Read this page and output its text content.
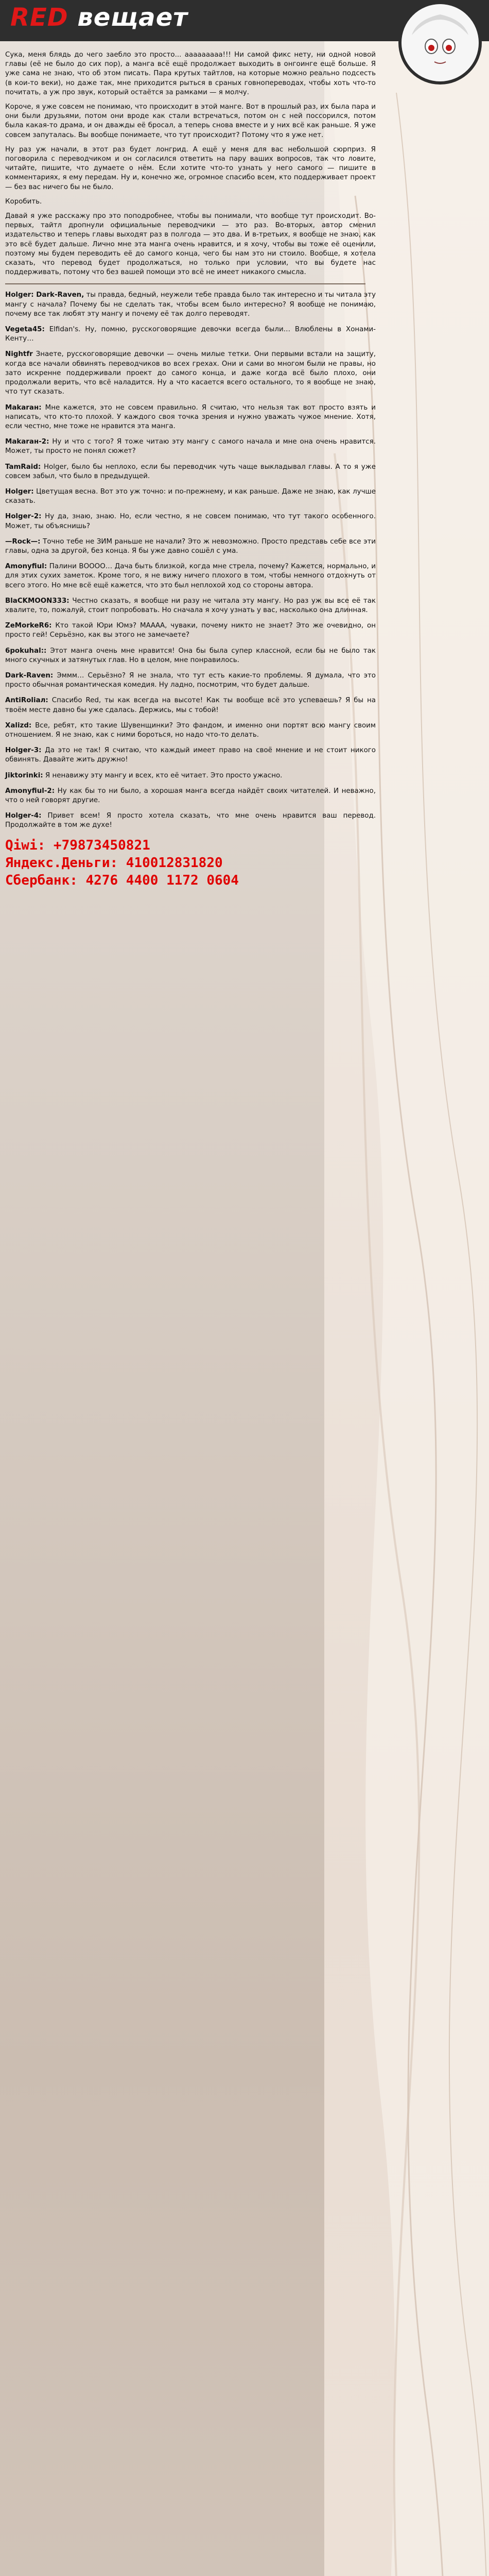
RED вещает

Сука, меня блядь до чего заебло это просто... ааааааааа!!! Ни самой фикс нету, ни одной новой главы (её не было до сих пор), а манга всё ещё продолжает выходить в онгоинге ещё больше. Я уже сама не знаю, что об этом писать. Пара крутых тайтлов, на которые можно реально подсесть (в кои-то веки), но даже так, мне приходится рыться в сраных говнопереводах, чтобы хоть что-то почитать, а уж про звук, который остаётся за рамками — я молчу.

Короче, я уже совсем не понимаю, что происходит в этой манге. Вот в прошлый раз, их была пара и они были друзьями, потом они вроде как стали встречаться, потом он с ней поссорился, потом была какая-то драма, и он дважды её бросал, а теперь снова вместе и у них всё как раньше. Я уже совсем запуталась. Вы вообще понимаете, что тут происходит? Потому что я уже нет.

Ну раз уж начали, в этот раз будет лонгрид. А ещё у меня для вас небольшой сюрприз. Я поговорила с переводчиком и он согласился ответить на пару ваших вопросов, так что ловите, читайте, пишите, что думаете о нём. Если хотите что-то узнать у него самого — пишите в комментариях, я ему передам. Ну и, конечно же, огромное спасибо всем, кто поддерживает проект — без вас ничего бы не было.

Коробить.

Давай я уже расскажу про это поподробнее, чтобы вы понимали, что вообще тут происходит. Во-первых, тайтл дропнули официальные переводчики — это раз. Во-вторых, автор сменил издательство и теперь главы выходят раз в полгода — это два. И в-третьих, я вообще не знаю, как это всё будет дальше. Лично мне эта манга очень нравится, и я хочу, чтобы вы тоже её оценили, поэтому мы будем переводить её до самого конца, чего бы нам это ни стоило. Вообще, я хотела сказать, что перевод будет продолжаться, но только при условии, что вы будете нас поддерживать, потому что без вашей помощи это всё не имеет никакого смысла.

Holger: Dark-Raven, ты правда, бедный, неужели тебе правда было так интересно и ты читала эту мангу с начала? Почему бы не сделать так, чтобы всем было интересно? Я вообще не понимаю, почему все так любят эту мангу и почему её так долго переводят.
Vegeta45: Elfidan's. Ну, помню, русскоговорящие девочки всегда были… Влюблены в Хонами-Кенту…
Nightfr Знаете, русскоговорящие девочки — очень милые тетки. Они первыми встали на защиту, когда все начали обвинять переводчиков во всех грехах. Они и сами во многом были не правы, но зато искренне поддерживали проект до самого конца, и даже когда всё было плохо, они продолжали верить, что всё наладится. Ну а что касается всего остального, то я вообще не знаю, что тут сказать.
Makaraн: Мне кажется, это не совсем правильно. Я считаю, что нельзя так вот просто взять и написать, что кто-то плохой. У каждого своя точка зрения и нужно уважать чужое мнение. Хотя, если честно, мне тоже не нравится эта манга.
Makaraн-2: Ну и что с того? Я тоже читаю эту мангу с самого начала и мне она очень нравится. Может, ты просто не понял сюжет?
TamRaid: Holger, было бы неплохо, если бы переводчик чуть чаще выкладывал главы. А то я уже совсем забыл, что было в предыдущей.
Holger: Цветущая весна. Вот это уж точно: и по-прежнему, и как раньше. Даже не знаю, как лучше сказать.
Holger-2: Ну да, знаю, знаю. Но, если честно, я не совсем понимаю, что тут такого особенного. Может, ты объяснишь?
—Rock—: Точно тебе не ЗИМ раньше не начали? Это ж невозможно. Просто представь себе все эти главы, одна за другой, без конца. Я бы уже давно сошёл с ума.
Amonyfiul: Палини ВОООО… Дача быть близкой, когда мне стрела, почему? Кажется, нормально, и для этих сухих заметок. Кроме того, я не вижу ничего плохого в том, чтобы немного отдохнуть от всего этого. Но мне всё ещё кажется, что это был неплохой ход со стороны автора.
BlaCKMOON333: Честно сказать, я вообще ни разу не читала эту мангу. Но раз уж вы все её так хвалите, то, пожалуй, стоит попробовать. Но сначала я хочу узнать у вас, насколько она длинная.
ZeMorkeR6: Кто такой Юри Юмэ? МАААА, чуваки, почему никто не знает? Это же очевидно, он просто гей! Серьёзно, как вы этого не замечаете?
6pokuhal:: Этот манга очень мне нравится! Она бы была супер классной, если бы не было так много скучных и затянутых глав. Но в целом, мне понравилось.
Dark-Raven: Эммм… Серьёзно? Я не знала, что тут есть какие-то проблемы. Я думала, что это просто обычная романтическая комедия. Ну ладно, посмотрим, что будет дальше.
AntiRoliaл: Спасибо Red, ты как всегда на высоте! Как ты вообще всё это успеваешь? Я бы на твоём месте давно бы уже сдалась. Держись, мы с тобой!
Xalizd: Все, ребят, кто такие Шувенщинки? Это фандом, и именно они портят всю мангу своим отношением. Я не знаю, как с ними бороться, но надо что-то делать.
Holger-3: Да это не так! Я считаю, что каждый имеет право на своё мнение и не стоит никого обвинять. Давайте жить дружно!
Jiktorinki: Я ненавижу эту мангу и всех, кто её читает. Это просто ужасно.
Amonyfiul-2: Ну как бы то ни было, а хорошая манга всегда найдёт своих читателей. И неважно, что о ней говорят другие.
Holger-4: Привет всем! Я просто хотела сказать, что мне очень нравится ваш перевод. Продолжайте в том же духе!
Qiwi: +79873450821
Яндекс.Деньги: 410012831820
Сбербанк: 4276 4400 1172 0604
